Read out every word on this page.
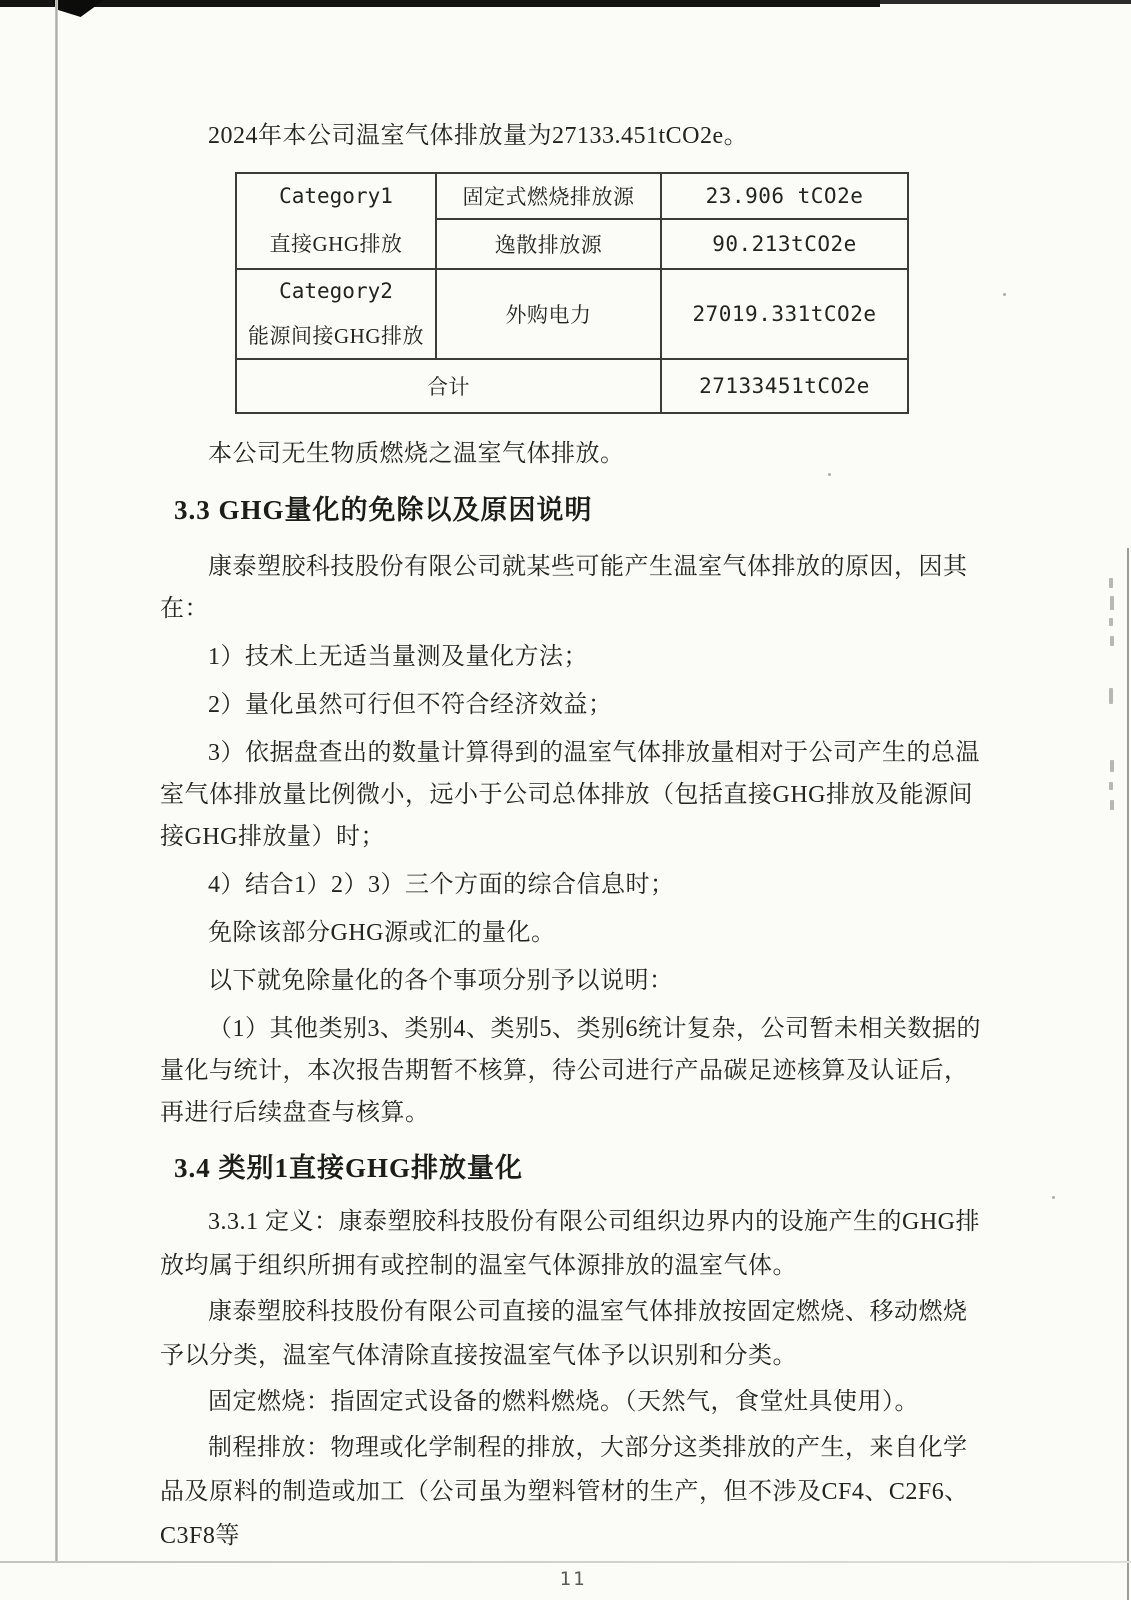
2024年本公司温室气体排放量为27133.451tCO2e。

Category1
直接GHG排放	固定式燃烧排放源	23.906 tCO2e
	逸散排放源	90.213tCO2e

Category2
能源间接GHG排放	外购电力	27019.331tCO2e
合计		27133451tCO2e

本公司无生物质燃烧之温室气体排放。

3.3 GHG量化的免除以及原因说明

康泰塑胶科技股份有限公司就某些可能产生温室气体排放的原因，因其在：

1）技术上无适当量测及量化方法；

2）量化虽然可行但不符合经济效益；

3）依据盘查出的数量计算得到的温室气体排放量相对于公司产生的总温室气体排放量比例微小，远小于公司总体排放（包括直接GHG排放及能源间接GHG排放量）时；

4）结合1）2）3）三个方面的综合信息时；

免除该部分GHG源或汇的量化。

以下就免除量化的各个事项分别予以说明：

（1）其他类别3、类别4、类别5、类别6统计复杂，公司暂未相关数据的量化与统计，本次报告期暂不核算，待公司进行产品碳足迹核算及认证后，再进行后续盘查与核算。

3.4 类别1直接GHG排放量化

3.3.1 定义：康泰塑胶科技股份有限公司组织边界内的设施产生的GHG排放均属于组织所拥有或控制的温室气体源排放的温室气体。

康泰塑胶科技股份有限公司直接的温室气体排放按固定燃烧、移动燃烧予以分类，温室气体清除直接按温室气体予以识别和分类。

固定燃烧：指固定式设备的燃料燃烧。（天然气，食堂灶具使用）。

制程排放：物理或化学制程的排放，大部分这类排放的产生，来自化学品及原料的制造或加工（公司虽为塑料管材的生产，但不涉及CF4、C2F6、C3F8等

11
